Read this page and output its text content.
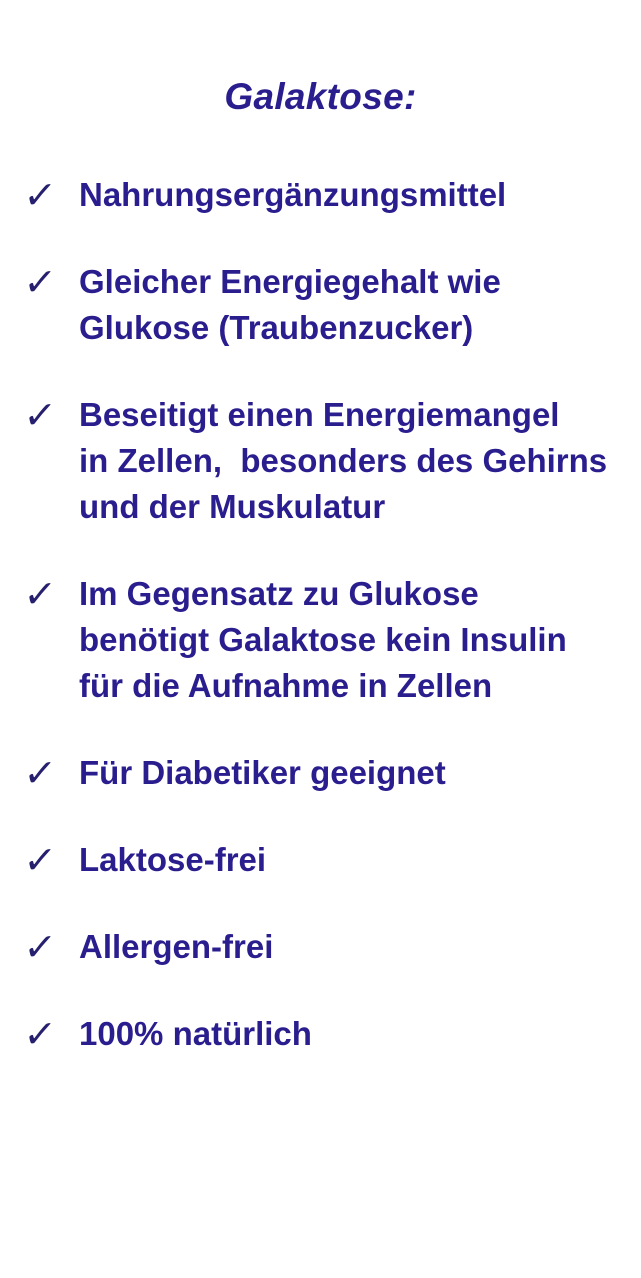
Galaktose:
✓ Nahrungsergänzungsmittel
✓ Gleicher Energiegehalt wie
Glukose (Traubenzucker)
✓ Beseitigt einen Energiemangel
in Zellen,  besonders des Gehirns
und der Muskulatur
✓ Im Gegensatz zu Glukose
benötigt Galaktose kein Insulin
für die Aufnahme in Zellen
✓ Für Diabetiker geeignet
✓ Laktose-frei
✓ Allergen-frei
✓ 100% natürlich
